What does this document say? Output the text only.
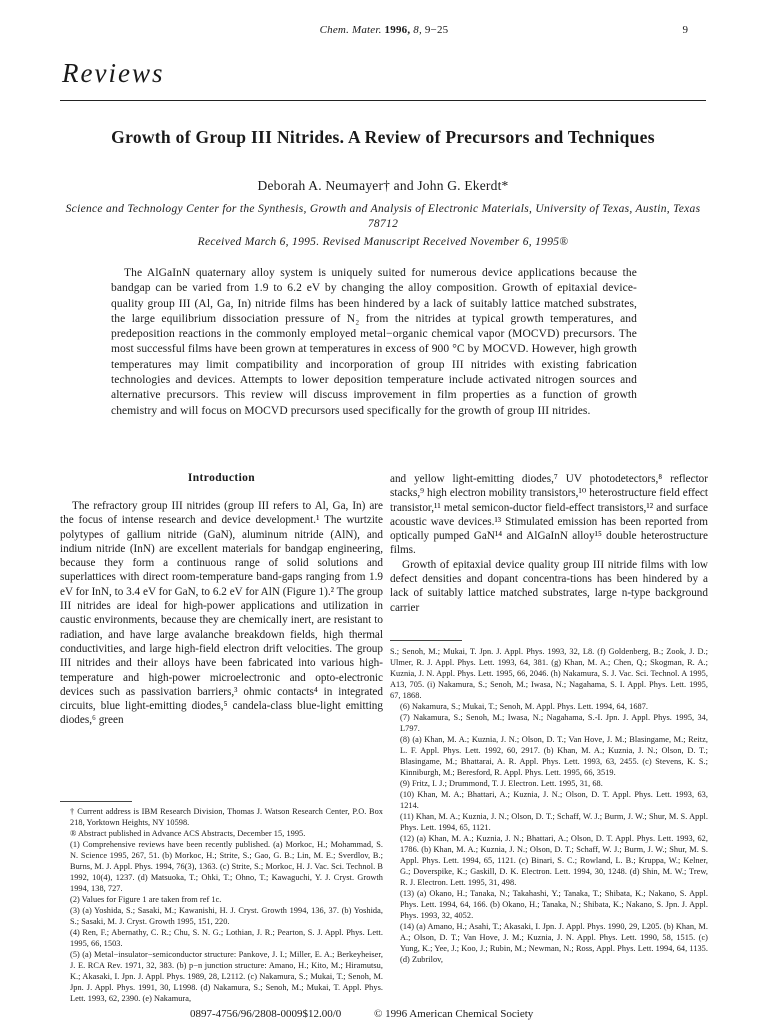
Chem. Mater. 1996, 8, 9−25	9
Reviews
Growth of Group III Nitrides. A Review of Precursors and Techniques
Deborah A. Neumayer† and John G. Ekerdt*
Science and Technology Center for the Synthesis, Growth and Analysis of Electronic Materials, University of Texas, Austin, Texas 78712
Received March 6, 1995. Revised Manuscript Received November 6, 1995®
The AlGaInN quaternary alloy system is uniquely suited for numerous device applications because the bandgap can be varied from 1.9 to 6.2 eV by changing the alloy composition. Growth of epitaxial device-quality group III (Al, Ga, In) nitride films has been hindered by a lack of suitably lattice matched substrates, the large equilibrium dissociation pressure of N₂ from the nitrides at typical growth temperatures, and predeposition reactions in the commonly employed metal−organic chemical vapor (MOCVD) precursors. The most successful films have been grown at temperatures in excess of 900 °C by MOCVD. However, high growth temperatures may limit compatibility and incorporation of group III nitrides with existing fabrication technologies and devices. Attempts to lower deposition temperature include activated nitrogen sources and alternative precursors. This review will discuss improvement in film properties as a function of growth chemistry and will focus on MOCVD precursors used specifically for the growth of group III nitrides.
Introduction
The refractory group III nitrides (group III refers to Al, Ga, In) are the focus of intense research and device development.¹ The wurtzite polytypes of gallium nitride (GaN), aluminum nitride (AlN), and indium nitride (InN) are excellent materials for bandgap engineering, because they form a continuous range of solid solutions and superlattices with direct room-temperature band-gaps ranging from 1.9 eV for InN, to 3.4 eV for GaN, to 6.2 eV for AlN (Figure 1).² The group III nitrides are ideal for high-power applications and utilization in caustic environments, because they are chemically inert, are resistant to radiation, and have large avalanche breakdown fields, high thermal conductivities, and large high-field electron drift velocities. The group III nitrides and their alloys have been fabricated into various high-temperature and high-power microelectronic and opto-electronic devices such as passivation barriers,³ ohmic contacts⁴ in integrated circuits, blue light-emitting diodes,⁵ candela-class blue-light emitting diodes,⁶ green
and yellow light-emitting diodes,⁷ UV photodetectors,⁸ reflector stacks,⁹ high electron mobility transistors,¹⁰ heterostructure field effect transistor,¹¹ metal semicon-ductor field-effect transistors,¹² and surface acoustic wave devices.¹³ Stimulated emission has been reported from optically pumped GaN¹⁴ and AlGaInN alloy¹⁵ double heterostructure films.
Growth of epitaxial device quality group III nitride films with low defect densities and dopant concentra-tions has been hindered by a lack of suitably lattice matched substrates, large n-type background carrier
† Current address is IBM Research Division, Thomas J. Watson Research Center, P.O. Box 218, Yorktown Heights, NY 10598.
® Abstract published in Advance ACS Abstracts, December 15, 1995.
(1) Comprehensive reviews have been recently published. (a) Morkoc, H.; Mohammad, S. N. Science 1995, 267, 51. (b) Morkoc, H.; Strite, S.; Gao, G. B.; Lin, M. E.; Sverdlov, B.; Burns, M. J. Appl. Phys. 1994, 76(3), 1363. (c) Strite, S.; Morkoc, H. J. Vac. Sci. Technol. B 1992, 10(4), 1237. (d) Matsuoka, T.; Ohki, T.; Ohno, T.; Kawaguchi, Y. J. Cryst. Growth 1994, 138, 727.
(2) Values for Figure 1 are taken from ref 1c.
(3) (a) Yoshida, S.; Sasaki, M.; Kawanishi, H. J. Cryst. Growth 1994, 136, 37. (b) Yoshida, S.; Sasaki, M. J. Cryst. Growth 1995, 151, 220.
(4) Ren, F.; Abernathy, C. R.; Chu, S. N. G.; Lothian, J. R.; Pearton, S. J. Appl. Phys. Lett. 1995, 66, 1503.
(5) (a) Metal−insulator−semiconductor structure: Pankove, J. I.; Miller, E. A.; Berkeyheiser, J. E. RCA Rev. 1971, 32, 383. (b) p−n junction structure: Amano, H.; Kito, M.; Hiramutsu, K.; Akasaki, I. Jpn. J. Appl. Phys. 1989, 28, L2112. (c) Nakamura, S.; Mukai, T.; Senoh, M. Jpn. J. Appl. Phys. 1991, 30, L1998. (d) Nakamura, S.; Senoh, M.; Mukai, T. Appl. Phys. Lett. 1993, 62, 2390. (e) Nakamura,
S.; Senoh, M.; Mukai, T. Jpn. J. Appl. Phys. 1993, 32, L8. (f) Goldenberg, B.; Zook, J. D.; Ulmer, R. J. Appl. Phys. Lett. 1993, 64, 381. (g) Khan, M. A.; Chen, Q.; Skogman, R. A.; Kuznia, J. N. Appl. Phys. Lett. 1995, 66, 2046. (h) Nakamura, S. J. Vac. Sci. Technol. A 1995, A13, 705. (i) Nakamura, S.; Senoh, M.; Iwasa, N.; Nagahama, S. I. Appl. Phys. Lett. 1995, 67, 1868.
(6) Nakamura, S.; Mukai, T.; Senoh, M. Appl. Phys. Lett. 1994, 64, 1687.
(7) Nakamura, S.; Senoh, M.; Iwasa, N.; Nagahama, S.-I. Jpn. J. Appl. Phys. 1995, 34, L797.
(8) (a) Khan, M. A.; Kuznia, J. N.; Olson, D. T.; Van Hove, J. M.; Blasingame, M.; Reitz, L. F. Appl. Phys. Lett. 1992, 60, 2917. (b) Khan, M. A.; Kuznia, J. N.; Olson, D. T.; Blasingame, M.; Bhattarai, A. R. Appl. Phys. Lett. 1993, 63, 2455. (c) Stevens, K. S.; Kinniburgh, M.; Beresford, R. Appl. Phys. Lett. 1995, 66, 3519.
(9) Fritz, I. J.; Drummond, T. J. Electron. Lett. 1995, 31, 68.
(10) Khan, M. A.; Bhattari, A.; Kuznia, J. N.; Olson, D. T. Appl. Phys. Lett. 1993, 63, 1214.
(11) Khan, M. A.; Kuznia, J. N.; Olson, D. T.; Schaff, W. J.; Burm, J. W.; Shur, M. S. Appl. Phys. Lett. 1994, 65, 1121.
(12) (a) Khan, M. A.; Kuznia, J. N.; Bhattari, A.; Olson, D. T. Appl. Phys. Lett. 1993, 62, 1786. (b) Khan, M. A.; Kuznia, J. N.; Olson, D. T.; Schaff, W. J.; Burm, J. W.; Shur, M. S. Appl. Phys. Lett. 1994, 65, 1121. (c) Binari, S. C.; Rowland, L. B.; Kruppa, W.; Kelner, G.; Doverspike, K.; Gaskill, D. K. Electron. Lett. 1994, 30, 1248. (d) Shin, M. W.; Trew, R. J. Electron. Lett. 1995, 31, 498.
(13) (a) Okano, H.; Tanaka, N.; Takahashi, Y.; Tanaka, T.; Shibata, K.; Nakano, S. Appl. Phys. Lett. 1994, 64, 166. (b) Okano, H.; Tanaka, N.; Shibata, K.; Nakano, S. Jpn. J. Appl. Phys. 1993, 32, 4052.
(14) (a) Amano, H.; Asahi, T.; Akasaki, I. Jpn. J. Appl. Phys. 1990, 29, L205. (b) Khan, M. A.; Olson, D. T.; Van Hove, J. M.; Kuznia, J. N. Appl. Phys. Lett. 1990, 58, 1515. (c) Yung, K.; Yee, J.; Koo, J.; Rubin, M.; Newman, N.; Ross, Appl. Phys. Lett. 1994, 64, 1135. (d) Zubrilov,
0897-4756/96/2808-0009$12.00/0	© 1996 American Chemical Society
